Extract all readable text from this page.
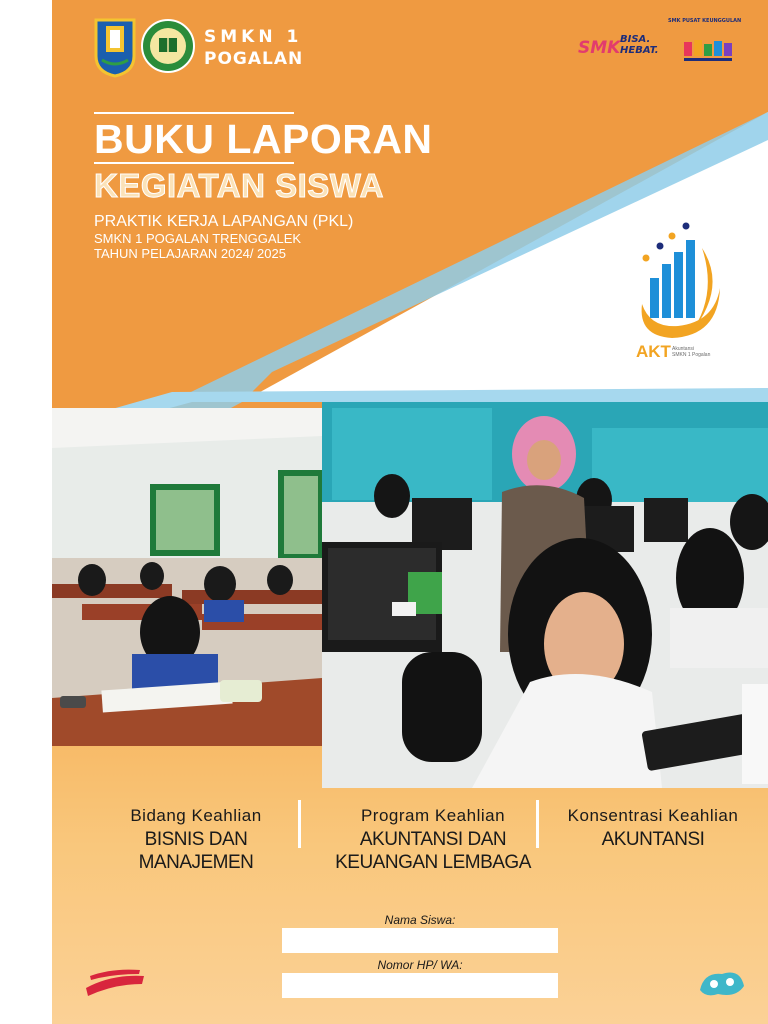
SMKN 1
POGALAN
SMK BISA.
HEBAT.
SMK PUSAT KEUNGGULAN
BUKU LAPORAN
KEGIATAN SISWA
PRAKTIK KERJA LAPANGAN (PKL)
SMKN 1 POGALAN TRENGGALEK
TAHUN PELAJARAN 2024/ 2025
AKT Akuntansi
SMKN 1 Pogalan
Bidang Keahlian
BISNIS DAN MANAJEMEN
Program Keahlian
AKUNTANSI DAN KEUANGAN LEMBAGA
Konsentrasi Keahlian
AKUNTANSI
Nama Siswa:
Nomor HP/ WA:
